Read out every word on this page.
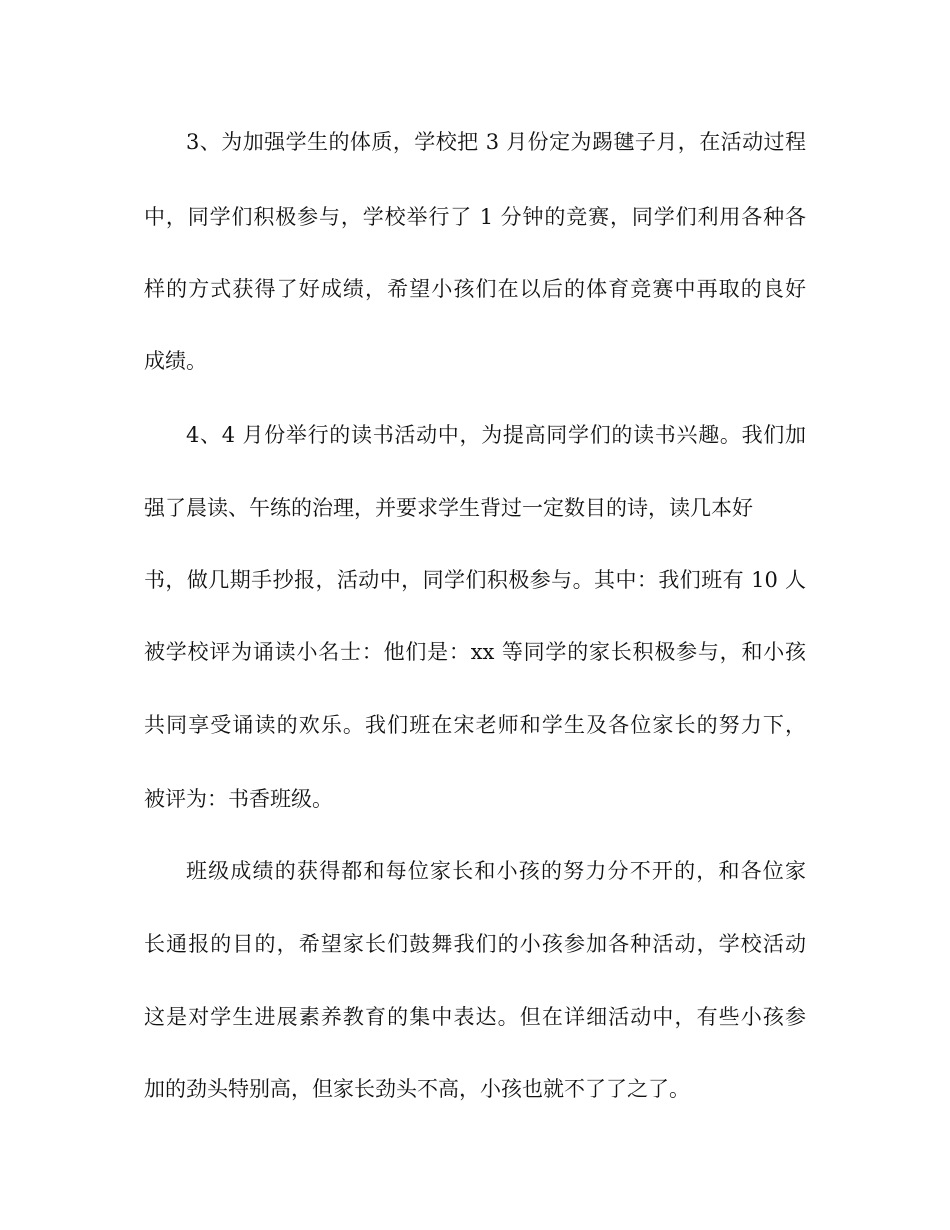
3、为加强学生的体质，学校把 3 月份定为踢毽子月，在活动过程

中，同学们积极参与，学校举行了 1 分钟的竞赛，同学们利用各种各

样的方式获得了好成绩，希望小孩们在以后的体育竞赛中再取的良好

成绩。

4、4 月份举行的读书活动中，为提高同学们的读书兴趣。我们加

强了晨读、午练的治理，并要求学生背过一定数目的诗，读几本好

书，做几期手抄报，活动中，同学们积极参与。其中：我们班有 10 人

被学校评为诵读小名士：他们是：xx 等同学的家长积极参与，和小孩

共同享受诵读的欢乐。我们班在宋老师和学生及各位家长的努力下，

被评为：书香班级。

班级成绩的获得都和每位家长和小孩的努力分不开的，和各位家

长通报的目的，希望家长们鼓舞我们的小孩参加各种活动，学校活动

这是对学生进展素养教育的集中表达。但在详细活动中，有些小孩参

加的劲头特别高，但家长劲头不高，小孩也就不了了之了。
